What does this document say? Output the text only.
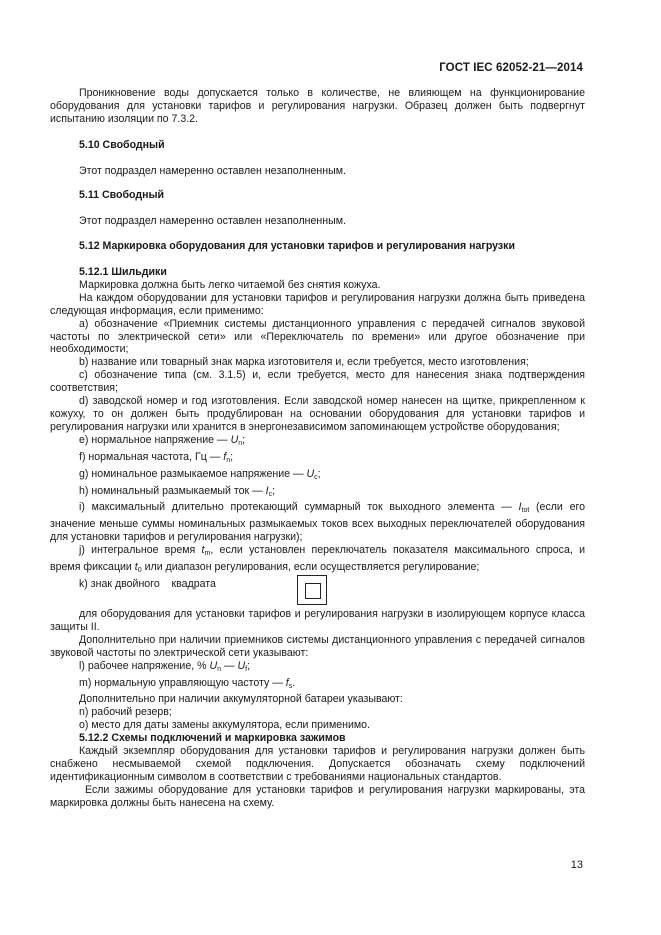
ГОСТ IEC 62052-21—2014

Проникновение воды допускается только в количестве, не влияющем на функционирование оборудования для установки тарифов и регулирования нагрузки. Образец должен быть подвергнут испытанию изоляции по 7.3.2.

5.10 Свободный

Этот подраздел намеренно оставлен незаполненным.

5.11 Свободный

Этот подраздел намеренно оставлен незаполненным.

5.12 Маркировка оборудования для установки тарифов и регулирования нагрузки

5.12.1 Шильдики

Маркировка должна быть легко читаемой без снятия кожуха.

На каждом оборудовании для установки тарифов и регулирования нагрузки должна быть приведена следующая информация, если применимо:

a) обозначение «Приемник системы дистанционного управления с передачей сигналов звуковой частоты по электрической сети» или «Переключатель по времени» или другое обозначение при необходимости;

b) название или товарный знак марка изготовителя и, если требуется, место изготовления;

c) обозначение типа (см. 3.1.5) и, если требуется, место для нанесения знака подтверждения соответствия;

d) заводской номер и год изготовления. Если заводской номер нанесен на щитке, прикрепленном к кожуху, то он должен быть продублирован на основании оборудования для установки тарифов и регулирования нагрузки или хранится в энергонезависимом запоминающем устройстве оборудования;

e) нормальное напряжение — $U_n$;

f) нормальная частота, Гц — $f_n$;

g) номинальное размыкаемое напряжение — $U_c$;

h) номинальный размыкаемый ток — $I_c$;

i) максимальный длительно протекающий суммарный ток выходного элемента — $I_{tot}$ (если его значение меньше суммы номинальных размыкаемых токов всех выходных переключателей оборудования для установки тарифов и регулирования нагрузки);

j) интегральное время $t_m$, если установлен переключатель показателя максимального спроса, и время фиксации $t_0$ или диапазон регулирования, если осуществляется регулирование;

k) знак двойного    квадрата

для оборудования для установки тарифов и регулирования нагрузки в изолирующем корпусе класса защиты II.

Дополнительно при наличии приемников системы дистанционного управления с передачей сигналов звуковой частоты по электрической сети указывают:

l) рабочее напряжение, % $U_n$ — $U_f$;

m) нормальную управляющую частоту — $f_s$.

Дополнительно при наличии аккумуляторной батареи указывают:

n) рабочий резерв;

o) место для даты замены аккумулятора, если применимо.

5.12.2 Схемы подключений и маркировка зажимов

Каждый экземпляр оборудования для установки тарифов и регулирования нагрузки должен быть снабжено несмываемой схемой подключения. Допускается обозначать схему подключений идентификационным символом в соответствии с требованиями национальных стандартов.

Если зажимы оборудование для установки тарифов и регулирования нагрузки маркированы, эта маркировка должны быть нанесена на схему.

13
